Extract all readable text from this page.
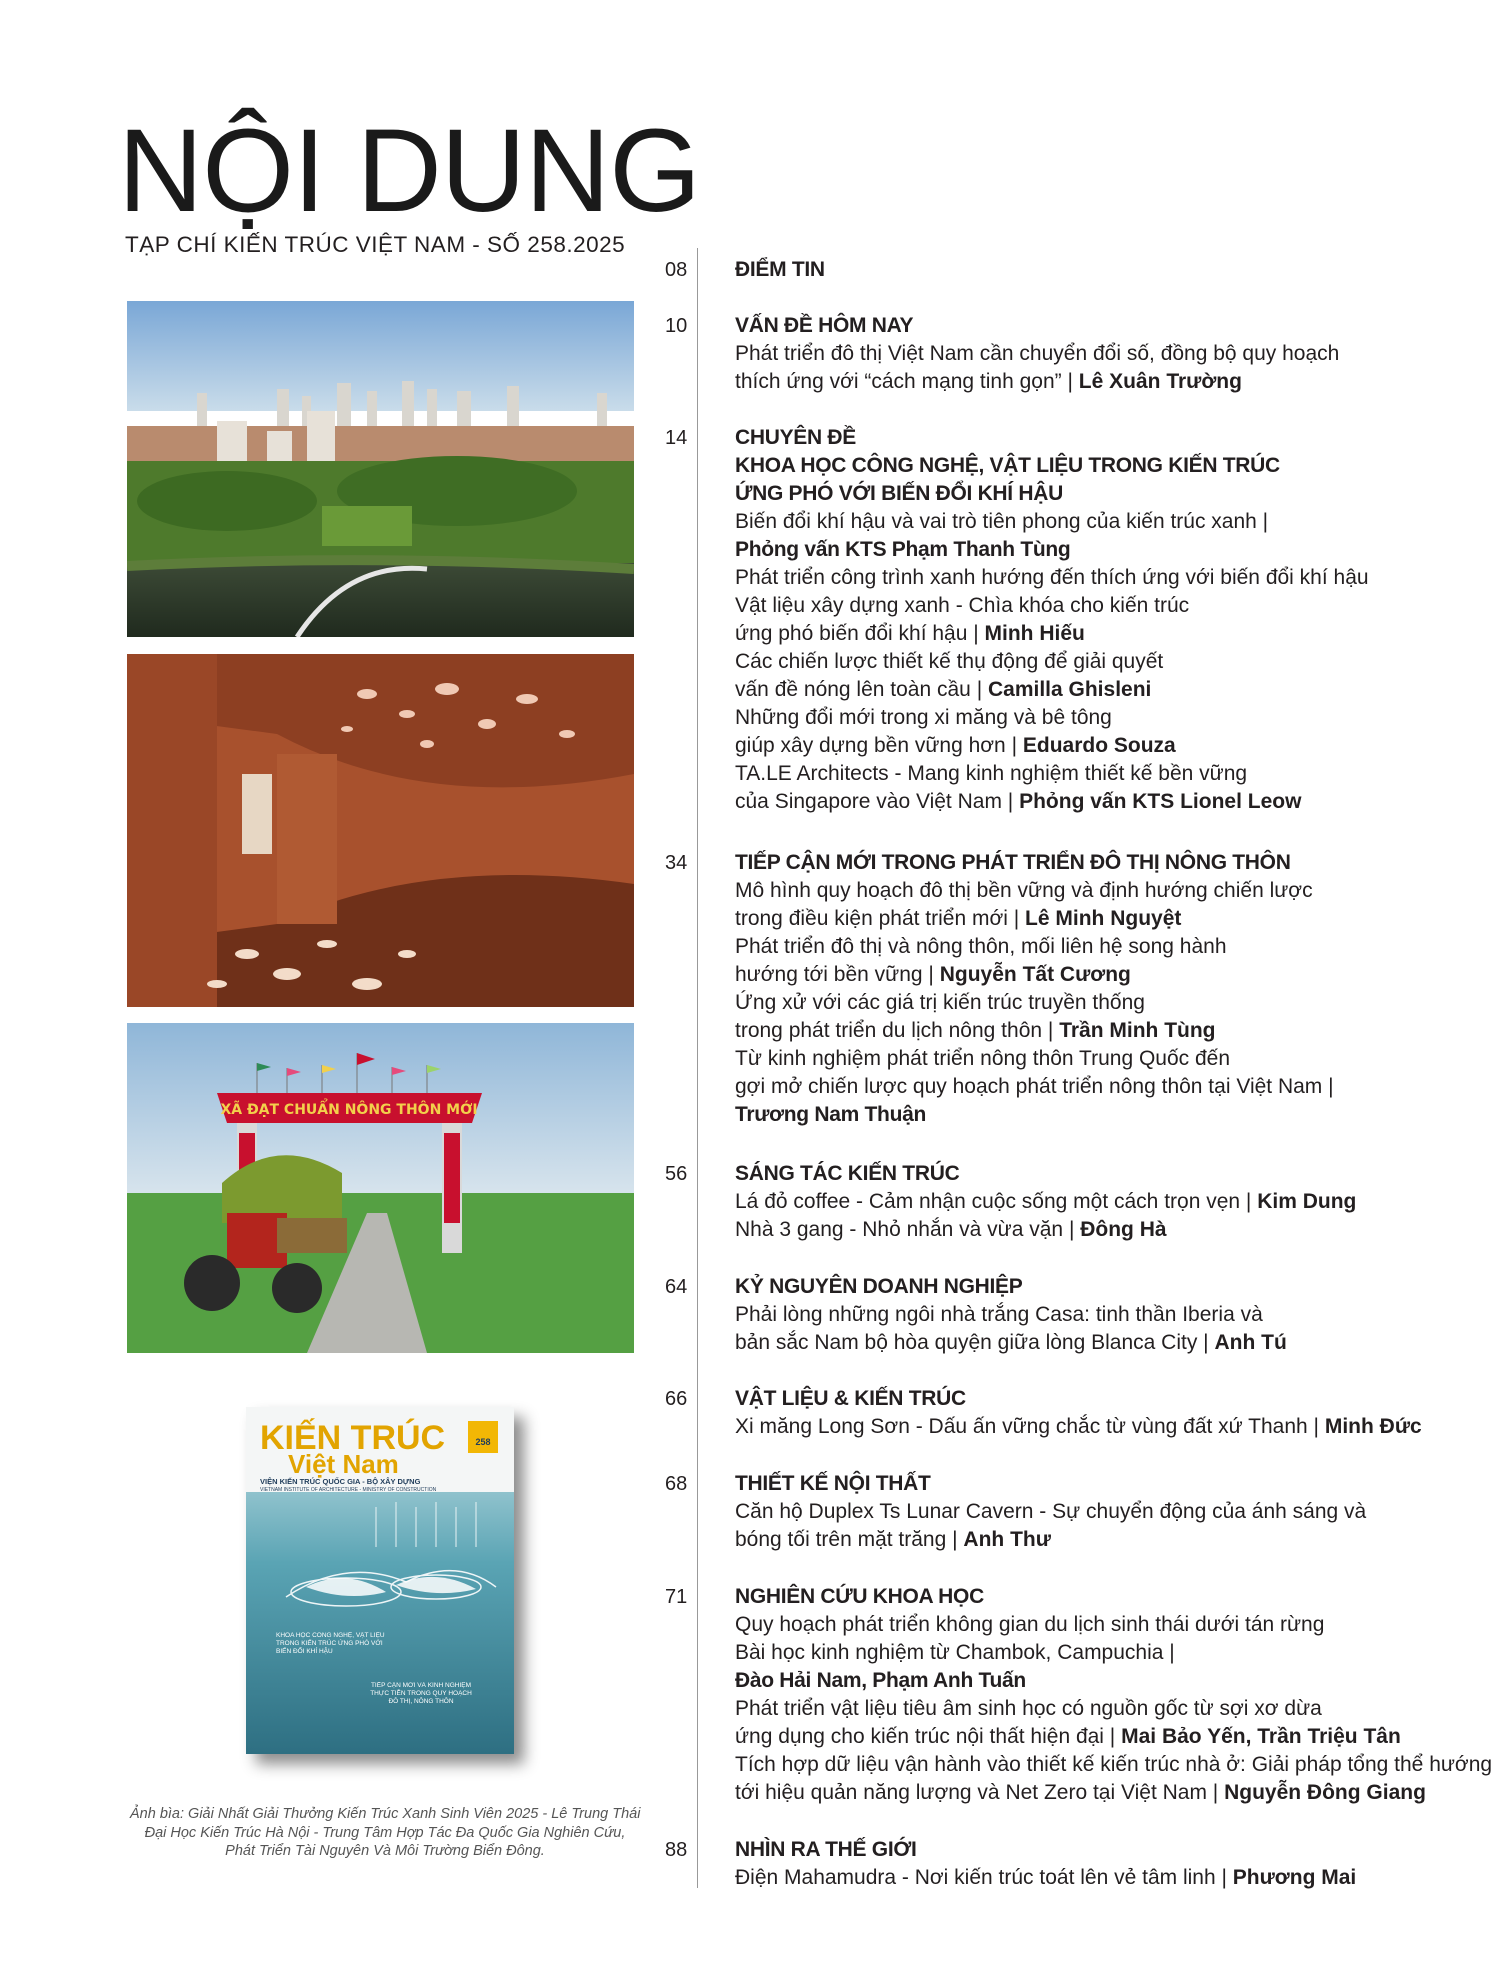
NỘI DUNG
TẠP CHÍ KIẾN TRÚC VIỆT NAM - SỐ 258.2025
XÃ ĐẠT CHUẨN NÔNG THÔN MỚI
KIẾN TRÚC
Việt Nam
258
VIỆN KIẾN TRÚC QUỐC GIA - BỘ XÂY DỰNG
VIETNAM INSTITUTE OF ARCHITECTURE - MINISTRY OF CONSTRUCTION
KHOA HỌC CÔNG NGHỆ, VẬT LIỆU TRONG KIẾN TRÚC ỨNG PHÓ VỚI BIẾN ĐỔI KHÍ HẬU
TIẾP CẬN MỚI VÀ KINH NGHIỆM THỰC TIỄN TRONG QUY HOẠCH ĐÔ THỊ, NÔNG THÔN
Ảnh bìa: Giải Nhất Giải Thưởng Kiến Trúc Xanh Sinh Viên 2025 - Lê Trung Thái
Đại Học Kiến Trúc Hà Nội - Trung Tâm Hợp Tác Đa Quốc Gia Nghiên Cứu,
Phát Triển Tài Nguyên Và Môi Trường Biển Đông.
08	ĐIỂM TIN
10	VẤN ĐỀ HÔM NAY
Phát triển đô thị Việt Nam cần chuyển đổi số, đồng bộ quy hoạch
thích ứng với “cách mạng tinh gọn” | Lê Xuân Trường
14	CHUYÊN ĐỀ
KHOA HỌC CÔNG NGHỆ, VẬT LIỆU TRONG KIẾN TRÚC
ỨNG PHÓ VỚI BIẾN ĐỔI KHÍ HẬU
Biến đổi khí hậu và vai trò tiên phong của kiến trúc xanh |
Phỏng vấn KTS Phạm Thanh Tùng
Phát triển công trình xanh hướng đến thích ứng với biến đổi khí hậu
Vật liệu xây dựng xanh - Chìa khóa cho kiến trúc
ứng phó biến đổi khí hậu | Minh Hiếu
Các chiến lược thiết kế thụ động để giải quyết
vấn đề nóng lên toàn cầu | Camilla Ghisleni
Những đổi mới trong xi măng và bê tông
giúp xây dựng bền vững hơn | Eduardo Souza
TA.LE Architects - Mang kinh nghiệm thiết kế bền vững
của Singapore vào Việt Nam | Phỏng vấn KTS Lionel Leow
34	TIẾP CẬN MỚI TRONG PHÁT TRIỂN ĐÔ THỊ NÔNG THÔN
Mô hình quy hoạch đô thị bền vững và định hướng chiến lược
trong điều kiện phát triển mới | Lê Minh Nguyệt
Phát triển đô thị và nông thôn, mối liên hệ song hành
hướng tới bền vững | Nguyễn Tất Cương
Ứng xử với các giá trị kiến trúc truyền thống
trong phát triển du lịch nông thôn | Trần Minh Tùng
Từ kinh nghiệm phát triển nông thôn Trung Quốc đến
gợi mở chiến lược quy hoạch phát triển nông thôn tại Việt Nam |
Trương Nam Thuận
56	SÁNG TÁC KIẾN TRÚC
Lá đỏ coffee - Cảm nhận cuộc sống một cách trọn vẹn | Kim Dung
Nhà 3 gang - Nhỏ nhắn và vừa vặn | Đông Hà
64	KỶ NGUYÊN DOANH NGHIỆP
Phải lòng những ngôi nhà trắng Casa: tinh thần Iberia và
bản sắc Nam bộ hòa quyện giữa lòng Blanca City | Anh Tú
66	VẬT LIỆU & KIẾN TRÚC
Xi măng Long Sơn - Dấu ấn vững chắc từ vùng đất xứ Thanh | Minh Đức
68	THIẾT KẾ NỘI THẤT
Căn hộ Duplex Ts Lunar Cavern - Sự chuyển động của ánh sáng và
bóng tối trên mặt trăng | Anh Thư
71	NGHIÊN CỨU KHOA HỌC
Quy hoạch phát triển không gian du lịch sinh thái dưới tán rừng
Bài học kinh nghiệm từ Chambok, Campuchia |
Đào Hải Nam, Phạm Anh Tuấn
Phát triển vật liệu tiêu âm sinh học có nguồn gốc từ sợi xơ dừa
ứng dụng cho kiến trúc nội thất hiện đại | Mai Bảo Yến, Trần Triệu Tân
Tích hợp dữ liệu vận hành vào thiết kế kiến trúc nhà ở: Giải pháp tổng thể hướng
tới hiệu quản năng lượng và Net Zero tại Việt Nam | Nguyễn Đông Giang
88	NHÌN RA THẾ GIỚI
Điện Mahamudra - Nơi kiến trúc toát lên vẻ tâm linh | Phương Mai
